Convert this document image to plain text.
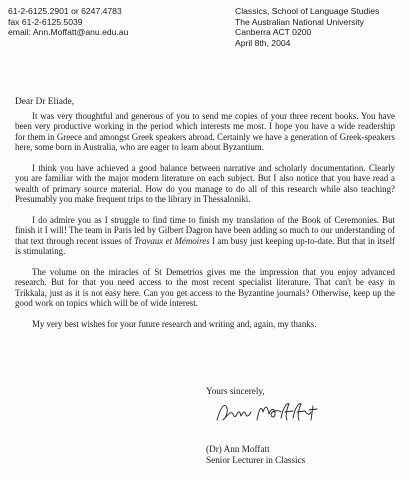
61-2-6125.2901 or 6247.4783
fax 61-2-6125.5039
email: Ann.Moffatt@anu.edu.au
Classics, School of Language Studies
The Australian National University
Canberra ACT 0200
April 8th, 2004
Dear Dr Eliade,

It was very thoughtful and generous of you to send me copies of your three recent books. You have been very productive working in the period which interests me most. I hope you have a wide readership for them in Greece and amongst Greek speakers abroad. Certainly we have a generation of Greek-speakers here, some born in Australia, who are eager to learn about Byzantium.

I think you have achieved a good balance between narrative and scholarly documentation. Clearly you are familiar with the major modern literature on each subject. But I also notice that you have read a wealth of primary source material. How do you manage to do all of this research while also teaching? Presumably you make frequent trips to the library in Thessaloniki.

I do admire you as I struggle to find time to finish my translation of the Book of Ceremonies. But finish it I will! The team in Paris led by Gilbert Dagron have been adding so much to our understanding of that text through recent issues of Travaux et Mémoires I am busy just keeping up-to-date. But that in itself is stimulating.

The volume on the miracles of St Demetrios gives me the impression that you enjoy advanced research. But for that you need access to the most recent specialist literature. That can't be easy in Trikkala, just as it is not easy here. Can you get access to the Byzantine journals? Otherwise, keep up the good work on topics which will be of wide interest.

My very best wishes for your future research and writing and, again, my thanks.

Yours sincerely,
(Dr) Ann Moffatt
Senior Lecturer in Classics
